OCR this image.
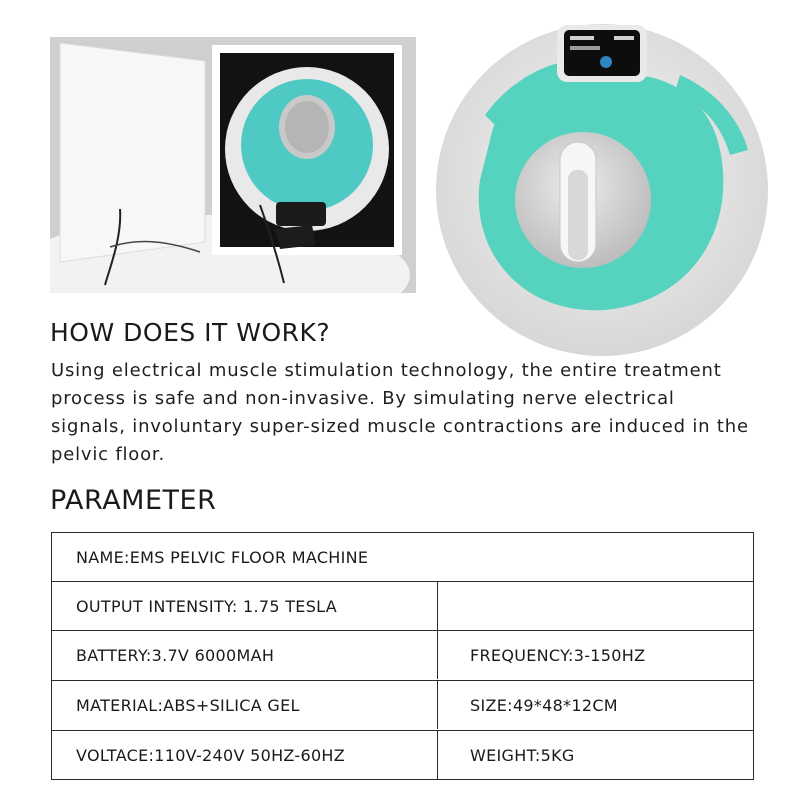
HOW DOES IT WORK?

Using electrical muscle stimulation technology, the entire treatment process is safe and non-invasive. By simulating nerve electrical signals, involuntary super-sized muscle contractions are induced in the pelvic floor.

PARAMETER
NAME:EMS PELVIC FLOOR MACHINE
OUTPUT INTENSITY: 1.75 TESLA
BATTERY:3.7V 6000MAH	FREQUENCY:3-150HZ
MATERIAL:ABS+SILICA GEL	SIZE:49*48*12CM
VOLTACE:110V-240V 50HZ-60HZ	WEIGHT:5KG
